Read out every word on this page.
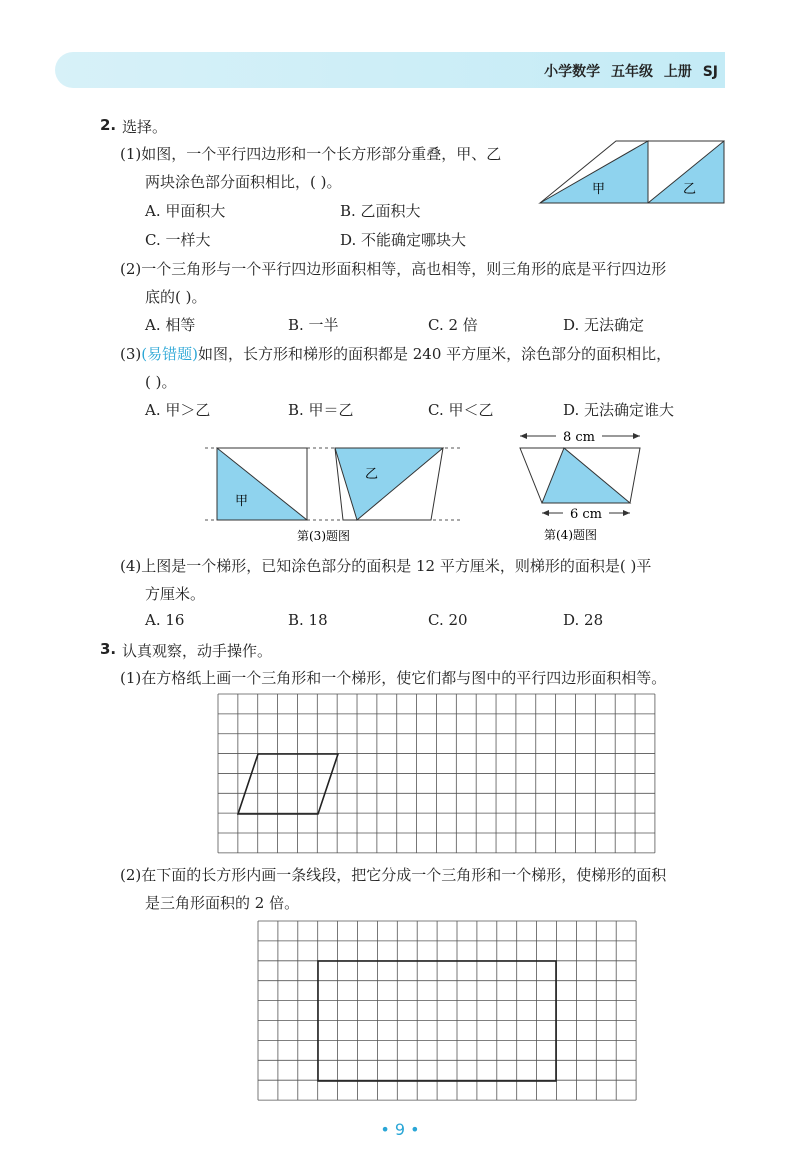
小学数学 五年级 上册 SJ
2. 选择。
(1)如图，一个平行四边形和一个长方形部分重叠，甲、乙
两块涂色部分面积相比，( )。
A. 甲面积大	B. 乙面积大
C. 一样大	D. 不能确定哪块大
甲	乙
(2)一个三角形与一个平行四边形面积相等，高也相等，则三角形的底是平行四边形
底的( )。
A. 相等	B. 一半	C. 2 倍	D. 无法确定
(3)(易错题)如图，长方形和梯形的面积都是 240 平方厘米，涂色部分的面积相比，
( )。
A. 甲＞乙	B. 甲＝乙	C. 甲＜乙	D. 无法确定谁大
甲
乙
第(3)题图
8 cm
6 cm
第(4)题图
(4)上图是一个梯形，已知涂色部分的面积是 12 平方厘米，则梯形的面积是( )平
方厘米。
A. 16	B. 18	C. 20	D. 28
3. 认真观察，动手操作。
(1)在方格纸上画一个三角形和一个梯形，使它们都与图中的平行四边形面积相等。
(2)在下面的长方形内画一条线段，把它分成一个三角形和一个梯形，使梯形的面积
是三角形面积的 2 倍。
• 9 •
